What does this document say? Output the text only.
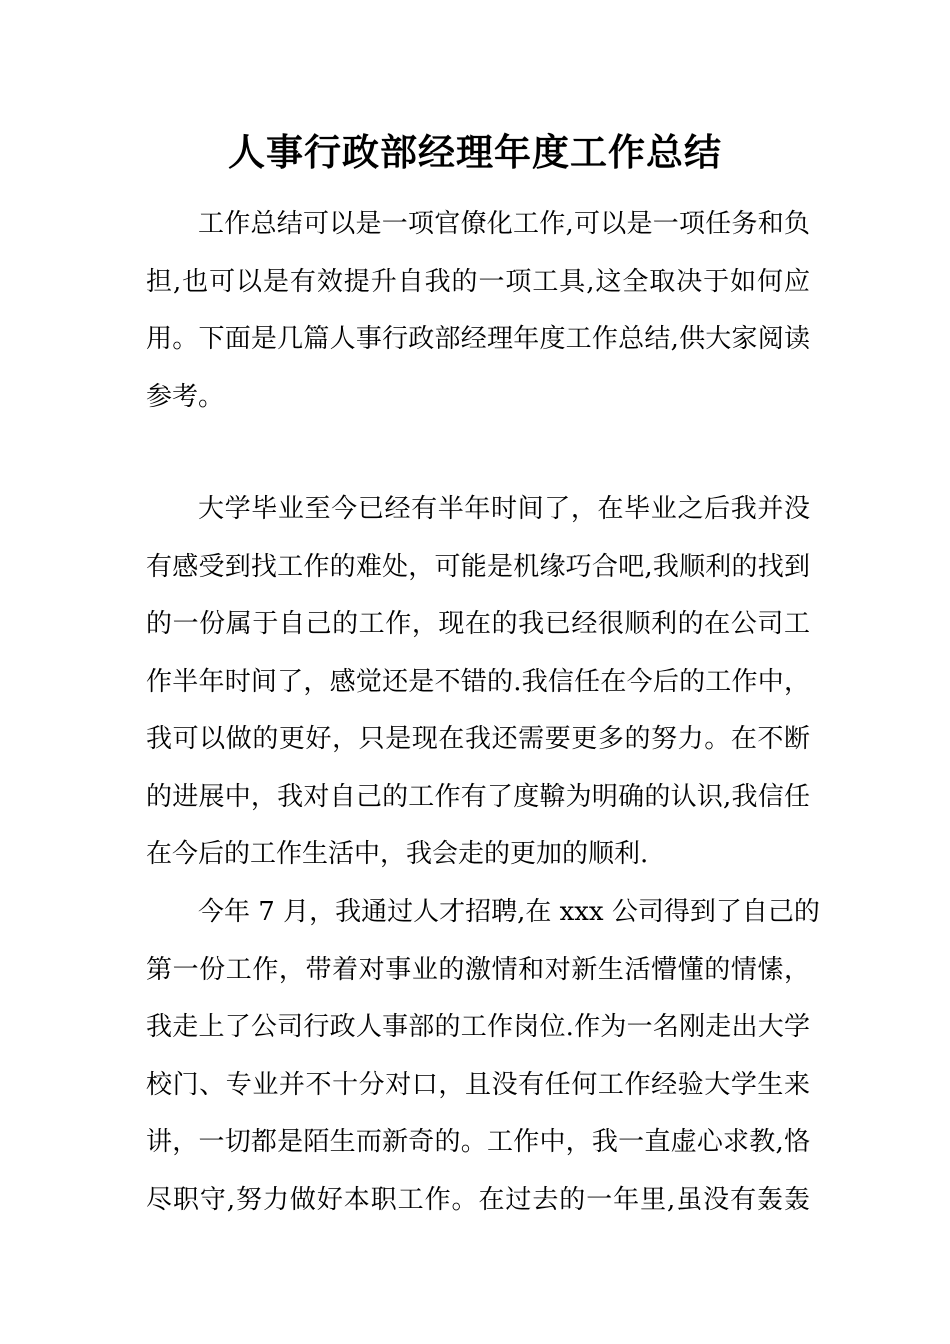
人事行政部经理年度工作总结
工作总结可以是一项官僚化工作,可以是一项任务和负
担,也可以是有效提升自我的一项工具,这全取决于如何应
用。下面是几篇人事行政部经理年度工作总结,供大家阅读
参考。
大学毕业至今已经有半年时间了，在毕业之后我并没
有感受到找工作的难处，可能是机缘巧合吧,我顺利的找到
的一份属于自己的工作，现在的我已经很顺利的在公司工
作半年时间了，感觉还是不错的.我信任在今后的工作中，
我可以做的更好，只是现在我还需要更多的努力。在不断
的进展中，我对自己的工作有了度鞥为明确的认识,我信任
在今后的工作生活中，我会走的更加的顺利.
今年 7 月，我通过人才招聘,在 xxx 公司得到了自己的
第一份工作，带着对事业的激情和对新生活懵懂的情愫，
我走上了公司行政人事部的工作岗位.作为一名刚走出大学
校门、专业并不十分对口，且没有任何工作经验大学生来
讲，一切都是陌生而新奇的。工作中，我一直虚心求教,恪
尽职守,努力做好本职工作。在过去的一年里,虽没有轰轰
